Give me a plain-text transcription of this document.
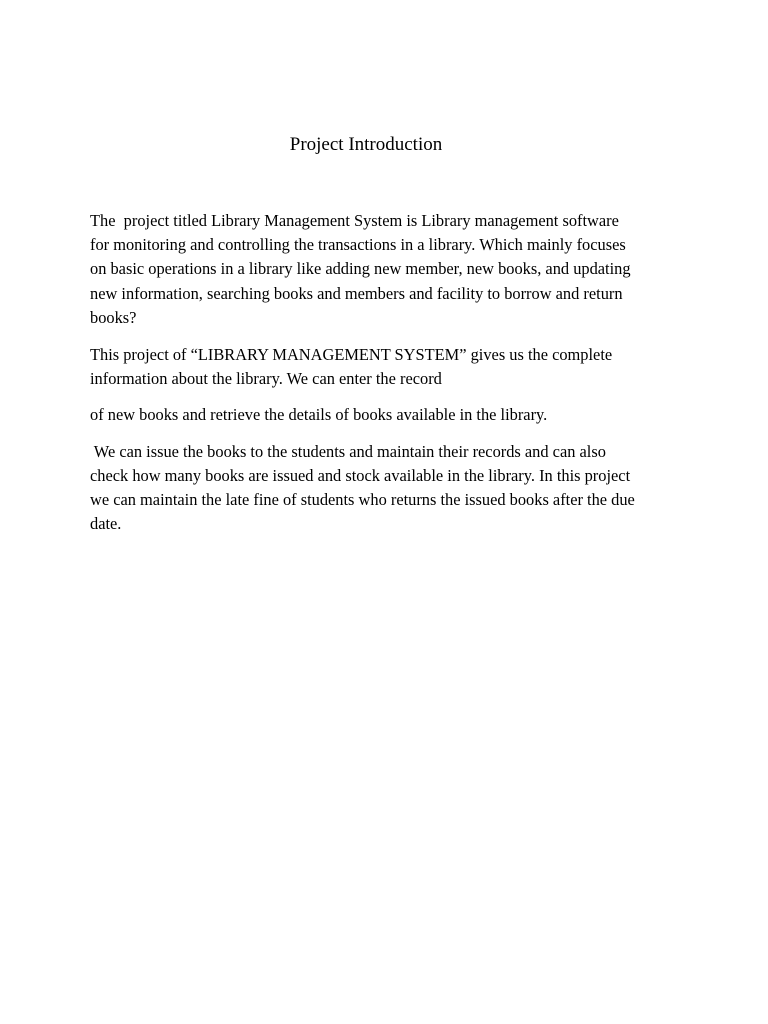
Project Introduction
The  project titled Library Management System is Library management software
for monitoring and controlling the transactions in a library. Which mainly focuses
on basic operations in a library like adding new member, new books, and updating
new information, searching books and members and facility to borrow and return
books?
This project of “LIBRARY MANAGEMENT SYSTEM” gives us the complete
information about the library. We can enter the record
of new books and retrieve the details of books available in the library.
We can issue the books to the students and maintain their records and can also
check how many books are issued and stock available in the library. In this project
we can maintain the late fine of students who returns the issued books after the due
date.
